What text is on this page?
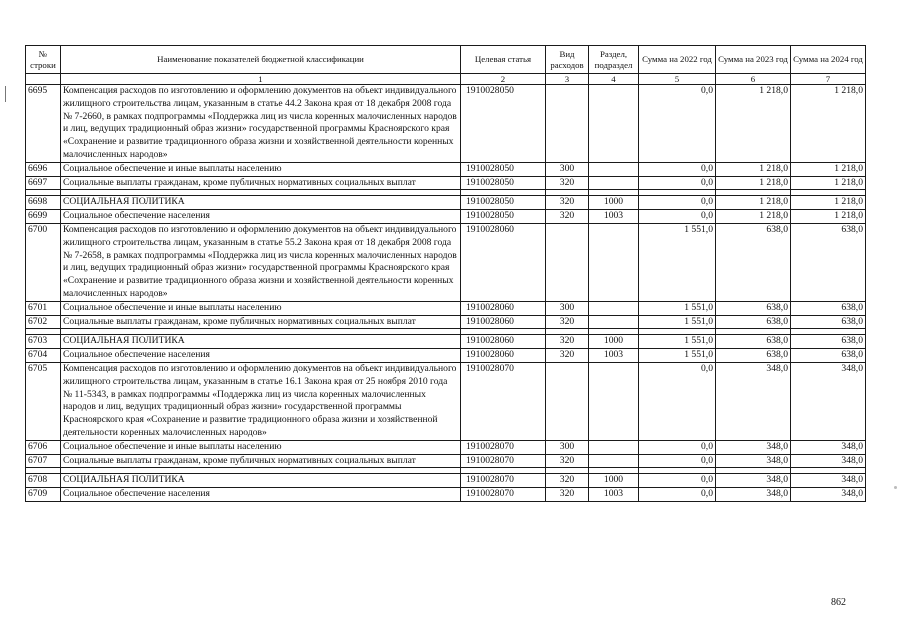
№ строки	Наименование показателей бюджетной классификации	Целевая статья	Вид расходов	Раздел, подраздел	Сумма на 2022 год	Сумма на 2023 год	Сумма на 2024 год
	1	2	3	4	5	6	7
6695	Компенсация расходов по изготовлению и оформлению документов на объект индивидуального жилищного строительства лицам, указанным в статье 44.2 Закона края от 18 декабря 2008 года № 7-2660, в рамках подпрограммы «Поддержка лиц из числа коренных малочисленных народов и лиц, ведущих традиционный образ жизни» государственной программы Красноярского края «Сохранение и развитие традиционного образа жизни и хозяйственной деятельности коренных малочисленных народов»	1910028050			0,0	1 218,0	1 218,0
6696	Социальное обеспечение и иные выплаты населению	1910028050	300		0,0	1 218,0	1 218,0
6697	Социальные выплаты гражданам, кроме публичных нормативных социальных выплат	1910028050	320		0,0	1 218,0	1 218,0

6698	СОЦИАЛЬНАЯ ПОЛИТИКА	1910028050	320	1000	0,0	1 218,0	1 218,0
6699	Социальное обеспечение населения	1910028050	320	1003	0,0	1 218,0	1 218,0
6700	Компенсация расходов по изготовлению и оформлению документов на объект индивидуального жилищного строительства лицам, указанным в статье 55.2 Закона края от 18 декабря 2008 года № 7-2658, в рамках подпрограммы «Поддержка лиц из числа коренных малочисленных народов и лиц, ведущих традиционный образ жизни» государственной программы Красноярского края «Сохранение и развитие традиционного образа жизни и хозяйственной деятельности коренных малочисленных народов»	1910028060			1 551,0	638,0	638,0
6701	Социальное обеспечение и иные выплаты населению	1910028060	300		1 551,0	638,0	638,0
6702	Социальные выплаты гражданам, кроме публичных нормативных социальных выплат	1910028060	320		1 551,0	638,0	638,0

6703	СОЦИАЛЬНАЯ ПОЛИТИКА	1910028060	320	1000	1 551,0	638,0	638,0
6704	Социальное обеспечение населения	1910028060	320	1003	1 551,0	638,0	638,0
6705	Компенсация расходов по изготовлению и оформлению документов на объект индивидуального жилищного строительства лицам, указанным в статье 16.1 Закона края от 25 ноября 2010 года № 11-5343, в рамках подпрограммы «Поддержка лиц из числа коренных малочисленных народов и лиц, ведущих традиционный образ жизни» государственной программы Красноярского края «Сохранение и развитие традиционного образа жизни и хозяйственной деятельности коренных малочисленных народов»	1910028070			0,0	348,0	348,0
6706	Социальное обеспечение и иные выплаты населению	1910028070	300		0,0	348,0	348,0
6707	Социальные выплаты гражданам, кроме публичных нормативных социальных выплат	1910028070	320		0,0	348,0	348,0

6708	СОЦИАЛЬНАЯ ПОЛИТИКА	1910028070	320	1000	0,0	348,0	348,0
6709	Социальное обеспечение населения	1910028070	320	1003	0,0	348,0	348,0
862
